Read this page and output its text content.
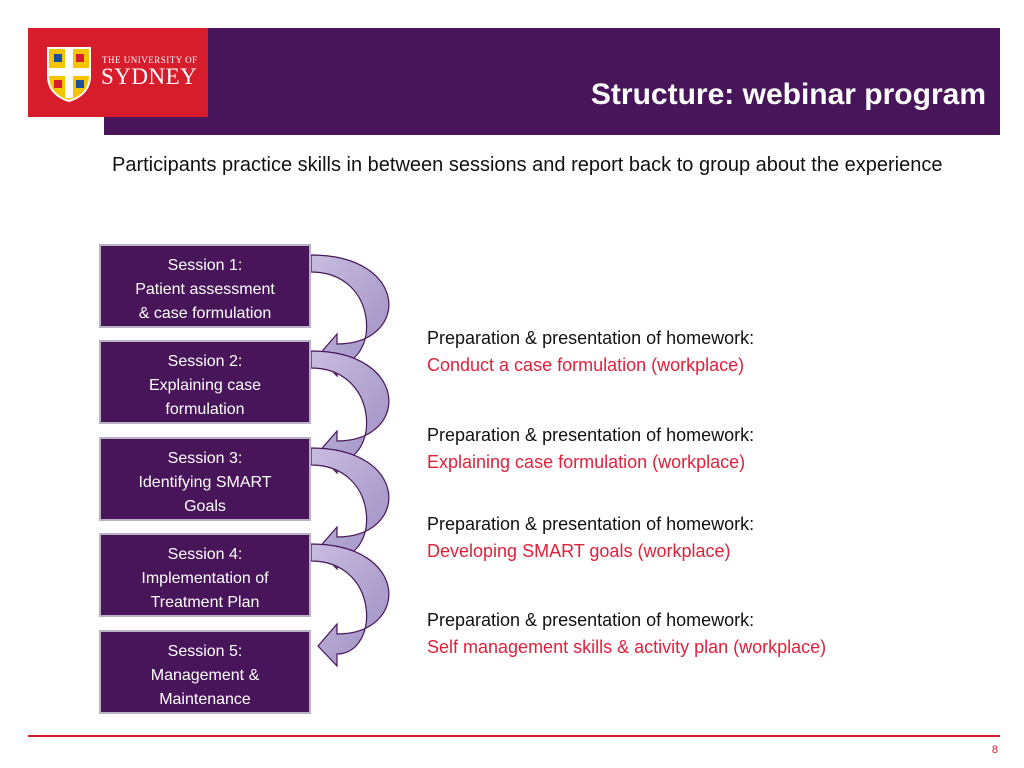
THE UNIVERSITY OF
SYDNEY
Structure: webinar program
Participants practice skills in between sessions and report back to group about the experience
Session 1:
Patient assessment
& case formulation
Session 2:
Explaining case
formulation
Session 3:
Identifying SMART
Goals
Session 4:
Implementation of
Treatment Plan
Session 5:
Management &
Maintenance
Preparation & presentation of homework:
Conduct a case formulation (workplace)
Preparation & presentation of homework:
Explaining case formulation (workplace)
Preparation & presentation of homework:
Developing SMART goals (workplace)
Preparation & presentation of homework:
Self management skills & activity plan (workplace)
8
